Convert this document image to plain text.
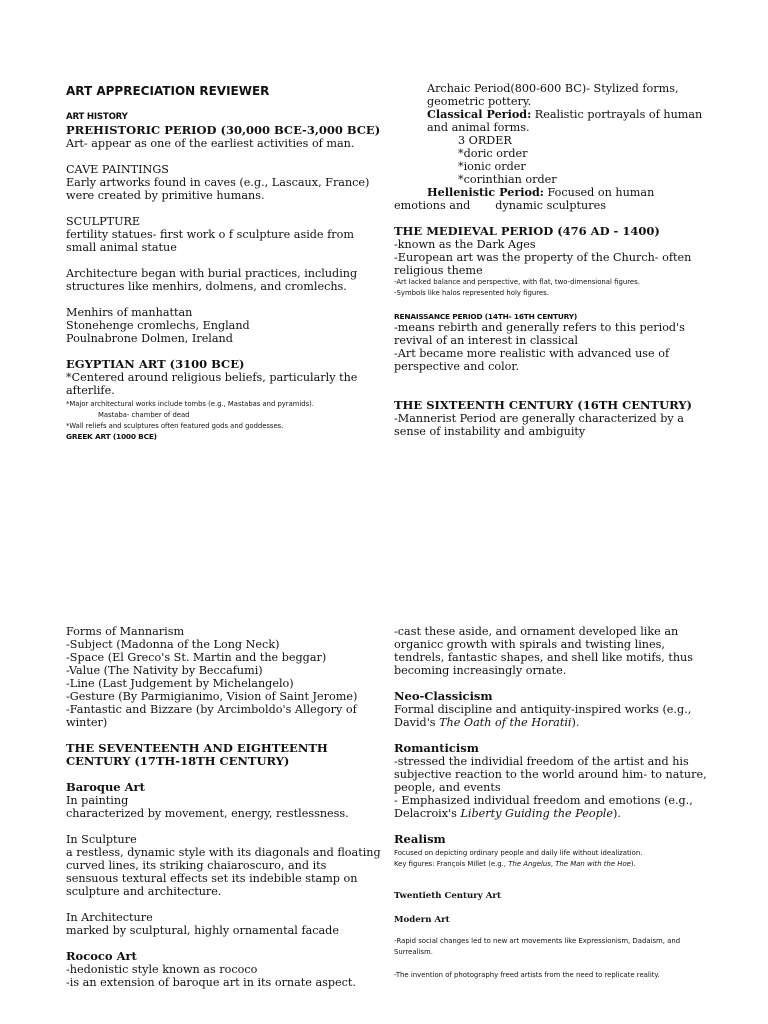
ART APPRECIATION REVIEWER
ART HISTORY
PREHISTORIC PERIOD (30,000 BCE-3,000 BCE)
Art- appear as one of the earliest activities of man.
CAVE PAINTINGS
Early artworks found in caves (e.g., Lascaux, France)
were created by primitive humans.
SCULPTURE
fertility statues- first work o f sculpture aside from
small animal statue
Architecture began with burial practices, including
structures like menhirs, dolmens, and cromlechs.
Menhirs of manhattan
Stonehenge cromlechs, England
Poulnabrone Dolmen, Ireland
EGYPTIAN ART (3100 BCE)
*Centered around religious beliefs, particularly the
afterlife.
*Major architectural works include tombs (e.g., Mastabas and pyramids).
Mastaba- chamber of dead
*Wall reliefs and sculptures often featured gods and goddesses.
GREEK ART (1000 BCE)
Archaic Period(800-600 BC)- Stylized forms,
geometric pottery.
Classical Period: Realistic portrayals of human
and animal forms.
3 ORDER
*doric order
*ionic order
*corinthian order
Hellenistic Period: Focused on human
emotions and       dynamic sculptures
THE MEDIEVAL PERIOD (476 AD - 1400)
-known as the Dark Ages
-European art was the property of the Church- often
religious theme
-Art lacked balance and perspective, with flat, two-dimensional figures.
-Symbols like halos represented holy figures.
RENAISSANCE PERIOD (14TH- 16TH CENTURY)
-means rebirth and generally refers to this period's
revival of an interest in classical
-Art became more realistic with advanced use of
perspective and color.
THE SIXTEENTH CENTURY (16TH CENTURY)
-Mannerist Period are generally characterized by a
sense of instability and ambiguity
Forms of Mannarism
-Subject (Madonna of the Long Neck)
-Space (El Greco's St. Martin and the beggar)
-Value (The Nativity by Beccafumi)
-Line (Last Judgement by Michelangelo)
-Gesture (By Parmigianimo, Vision of Saint Jerome)
-Fantastic and Bizzare (by Arcimboldo's Allegory of
winter)
THE SEVENTEENTH AND EIGHTEENTH
CENTURY (17TH-18TH CENTURY)
Baroque Art
In painting
characterized by movement, energy, restlessness.
In Sculpture
a restless, dynamic style with its diagonals and floating
curved lines, its striking chaiaroscuro, and its
sensuous textural effects set its indebible stamp on
sculpture and architecture.
In Architecture
marked by sculptural, highly ornamental facade
Rococo Art
-hedonistic style known as rococo
-is an extension of baroque art in its ornate aspect.
-cast these aside, and ornament developed like an
organicc growth with spirals and twisting lines,
tendrels, fantastic shapes, and shell like motifs, thus
becoming increasingly ornate.
Neo-Classicism
Formal discipline and antiquity-inspired works (e.g.,
David's The Oath of the Horatii).
Romanticism
-stressed the individial freedom of the artist and his
subjective reaction to the world around him- to nature,
people, and events
- Emphasized individual freedom and emotions (e.g.,
Delacroix's Liberty Guiding the People).
Realism
Focused on depicting ordinary people and daily life without idealization.
Key figures: François Millet (e.g., The Angelus, The Man with the Hoe).
Twentieth Century Art
Modern Art
-Rapid social changes led to new art movements like Expressionism, Dadaism, and
Surrealism.
-The invention of photography freed artists from the need to replicate reality.
